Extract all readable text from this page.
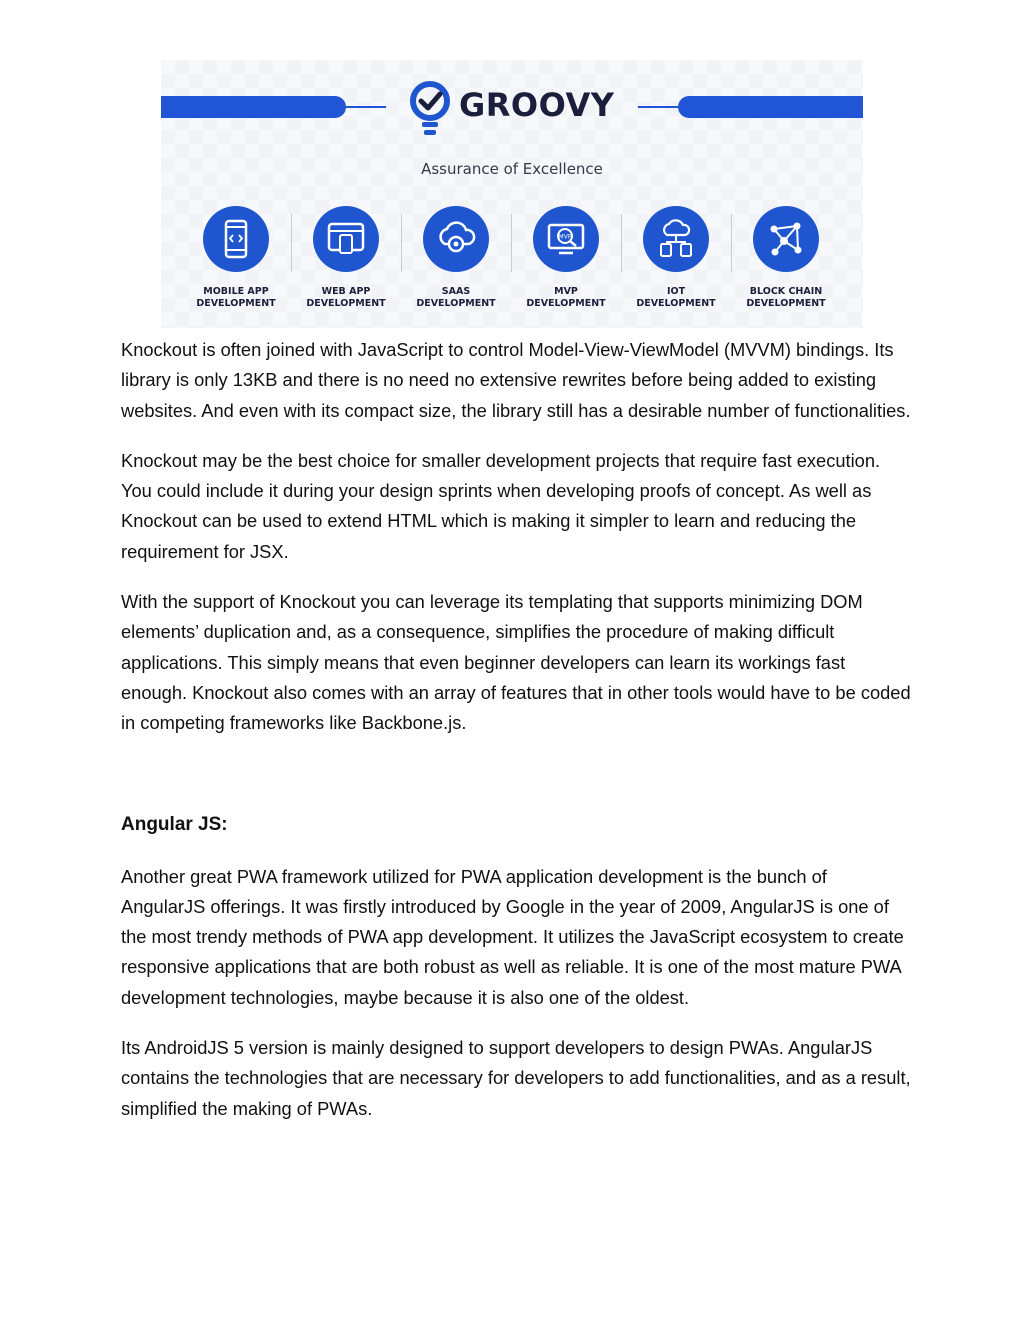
GROOVY
Assurance of Excellence
MOBILE APP
DEVELOPMENT
WEB APP
DEVELOPMENT
SAAS
DEVELOPMENT
MVP
MVP
DEVELOPMENT
IOT
DEVELOPMENT
BLOCK CHAIN
DEVELOPMENT

Knockout is often joined with JavaScript to control Model-View-ViewModel (MVVM) bindings. Its library is only 13KB and there is no need no extensive rewrites before being added to existing websites. And even with its compact size, the library still has a desirable number of functionalities.

Knockout may be the best choice for smaller development projects that require fast execution. You could include it during your design sprints when developing proofs of concept. As well as Knockout can be used to extend HTML which is making it simpler to learn and reducing the requirement for JSX.

With the support of Knockout you can leverage its templating that supports minimizing DOM elements’ duplication and, as a consequence, simplifies the procedure of making difficult applications. This simply means that even beginner developers can learn its workings fast enough. Knockout also comes with an array of features that in other tools would have to be coded in competing frameworks like Backbone.js.

Angular JS:

Another great PWA framework utilized for PWA application development is the bunch of AngularJS offerings. It was firstly introduced by Google in the year of 2009, AngularJS is one of the most trendy methods of PWA app development. It utilizes the JavaScript ecosystem to create responsive applications that are both robust as well as reliable. It is one of the most mature PWA development technologies, maybe because it is also one of the oldest.

Its AndroidJS 5 version is mainly designed to support developers to design PWAs. AngularJS contains the technologies that are necessary for developers to add functionalities, and as a result, simplified the making of PWAs.
